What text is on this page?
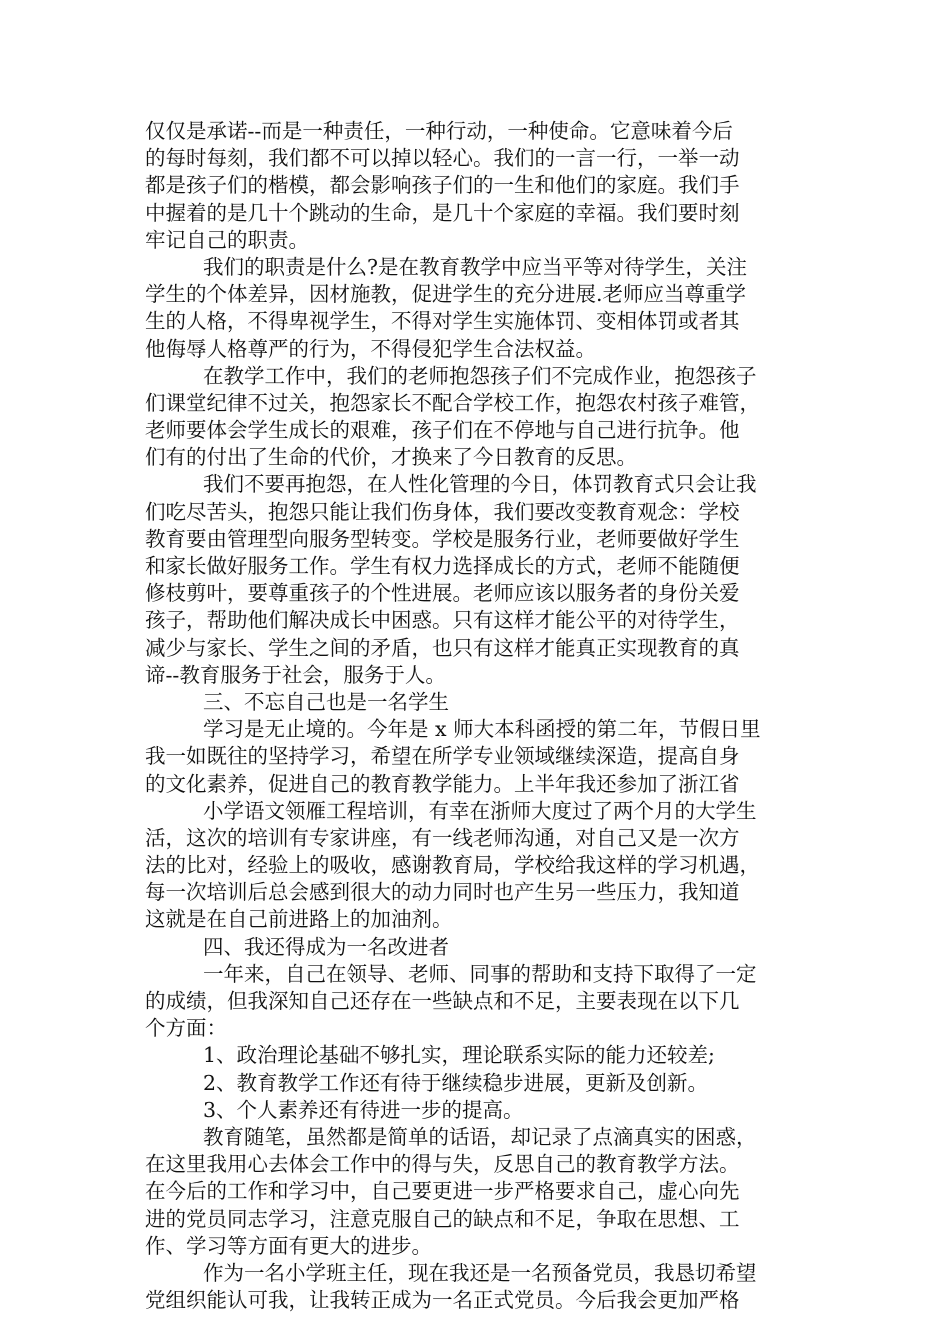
仅仅是承诺--而是一种责任，一种行动，一种使命。它意味着今后
的每时每刻，我们都不可以掉以轻心。我们的一言一行，一举一动
都是孩子们的楷模，都会影响孩子们的一生和他们的家庭。我们手
中握着的是几十个跳动的生命，是几十个家庭的幸福。我们要时刻
牢记自己的职责。
我们的职责是什么?是在教育教学中应当平等对待学生，关注
学生的个体差异，因材施教，促进学生的充分进展.老师应当尊重学
生的人格，不得卑视学生，不得对学生实施体罚、变相体罚或者其
他侮辱人格尊严的行为，不得侵犯学生合法权益。
在教学工作中，我们的老师抱怨孩子们不完成作业，抱怨孩子
们课堂纪律不过关，抱怨家长不配合学校工作，抱怨农村孩子难管，
老师要体会学生成长的艰难，孩子们在不停地与自己进行抗争。他
们有的付出了生命的代价，才换来了今日教育的反思。
我们不要再抱怨，在人性化管理的今日，体罚教育式只会让我
们吃尽苦头，抱怨只能让我们伤身体，我们要改变教育观念：学校
教育要由管理型向服务型转变。学校是服务行业，老师要做好学生
和家长做好服务工作。学生有权力选择成长的方式，老师不能随便
修枝剪叶，要尊重孩子的个性进展。老师应该以服务者的身份关爱
孩子，帮助他们解决成长中困惑。只有这样才能公平的对待学生，
减少与家长、学生之间的矛盾，也只有这样才能真正实现教育的真
谛--教育服务于社会，服务于人。
三、不忘自己也是一名学生
学习是无止境的。今年是 x 师大本科函授的第二年，节假日里
我一如既往的坚持学习，希望在所学专业领域继续深造，提高自身
的文化素养，促进自己的教育教学能力。上半年我还参加了浙江省
小学语文领雁工程培训，有幸在浙师大度过了两个月的大学生
活，这次的培训有专家讲座，有一线老师沟通，对自己又是一次方
法的比对，经验上的吸收，感谢教育局，学校给我这样的学习机遇，
每一次培训后总会感到很大的动力同时也产生另一些压力，我知道
这就是在自己前进路上的加油剂。
四、我还得成为一名改进者
一年来，自己在领导、老师、同事的帮助和支持下取得了一定
的成绩，但我深知自己还存在一些缺点和不足，主要表现在以下几
个方面：
1、政治理论基础不够扎实，理论联系实际的能力还较差;
2、教育教学工作还有待于继续稳步进展，更新及创新。
3、个人素养还有待进一步的提高。
教育随笔，虽然都是简单的话语，却记录了点滴真实的困惑，
在这里我用心去体会工作中的得与失，反思自己的教育教学方法。
在今后的工作和学习中，自己要更进一步严格要求自己，虚心向先
进的党员同志学习，注意克服自己的缺点和不足，争取在思想、工
作、学习等方面有更大的进步。
作为一名小学班主任，现在我还是一名预备党员，我恳切希望
党组织能认可我，让我转正成为一名正式党员。今后我会更加严格
